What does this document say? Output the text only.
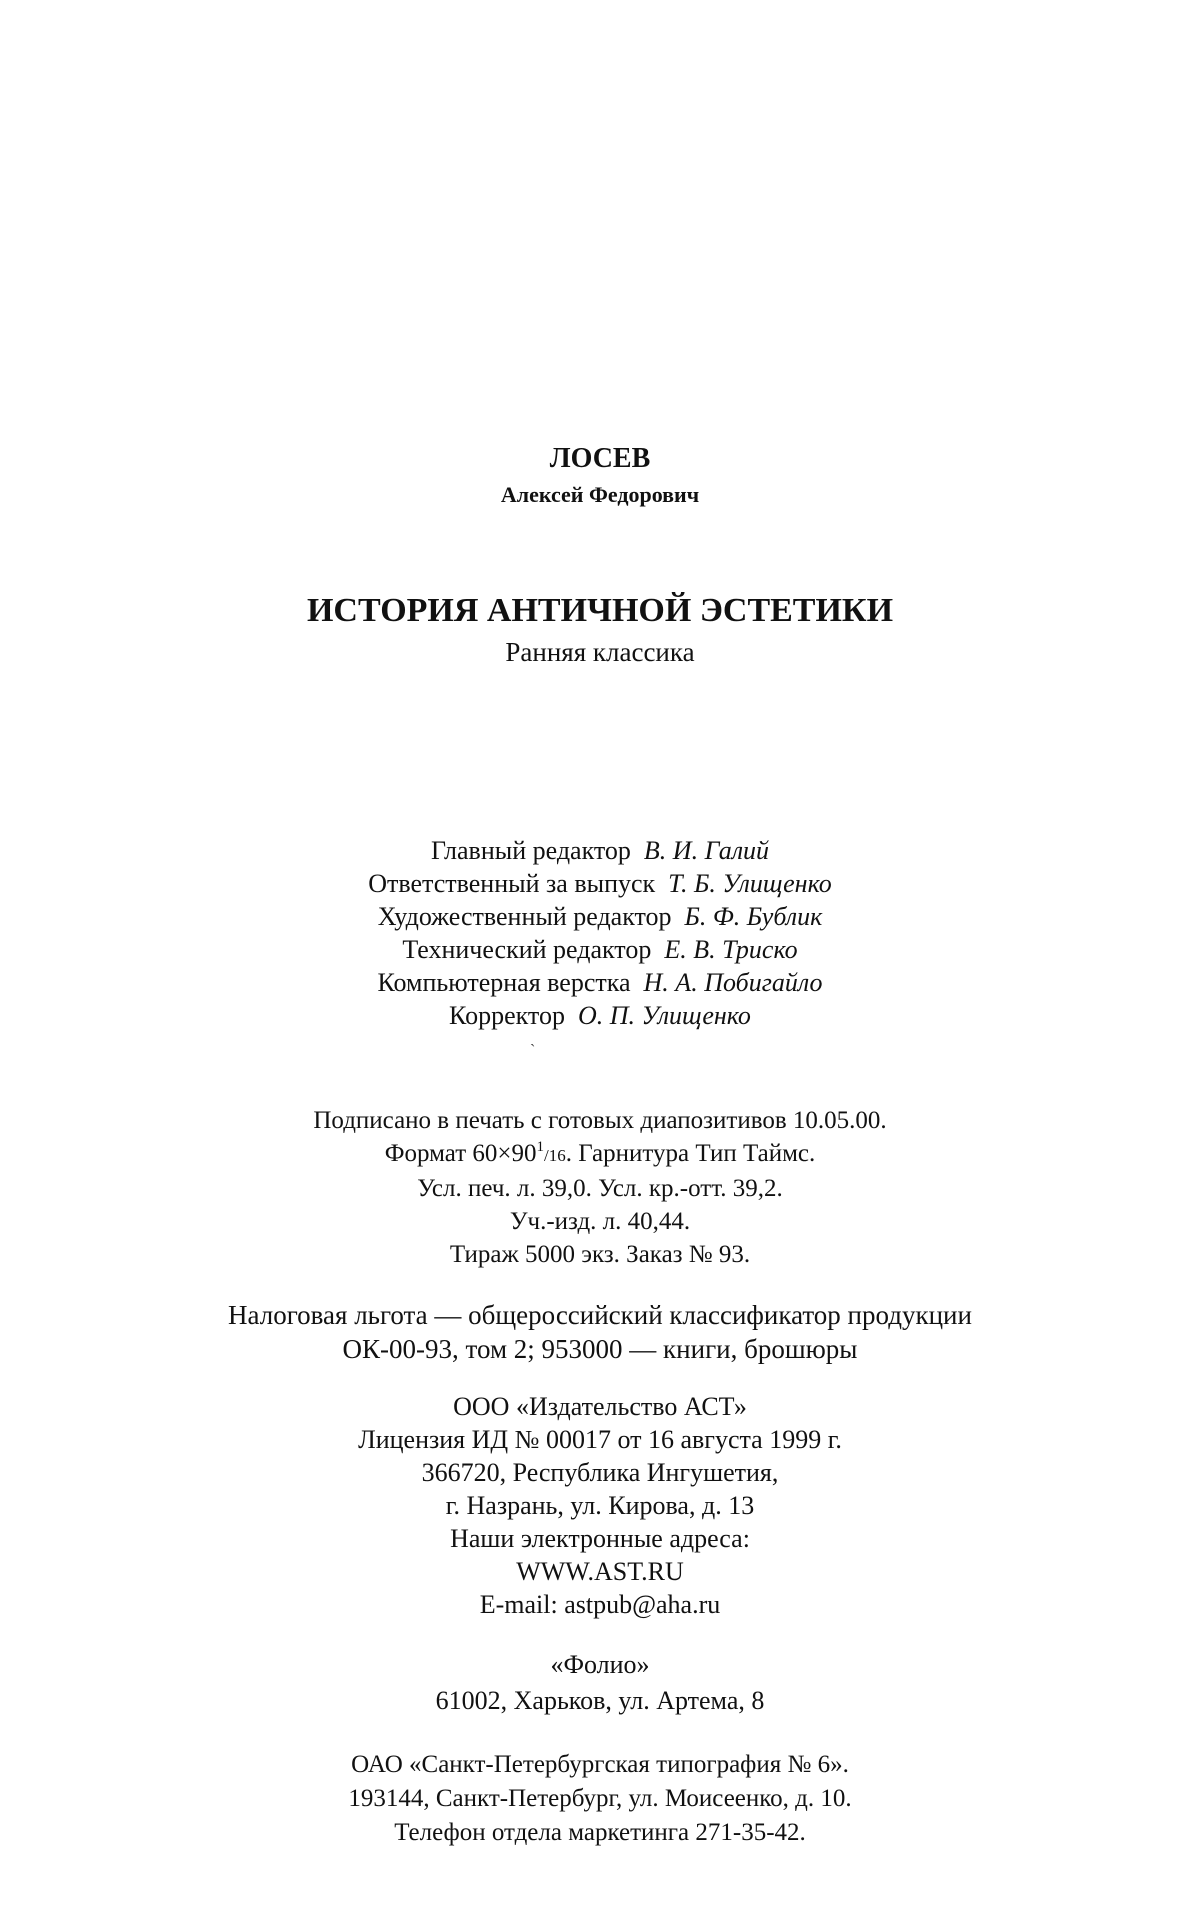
ЛОСЕВ
Алексей Федорович
ИСТОРИЯ АНТИЧНОЙ ЭСТЕТИКИ
Ранняя классика
Главный редактор В. И. Галий
Ответственный за выпуск Т. Б. Улищенко
Художественный редактор Б. Ф. Бублик
Технический редактор Е. В. Триско
Компьютерная верстка Н. А. Побигайло
Корректор О. П. Улищенко
`
Подписано в печать с готовых диапозитивов 10.05.00.
Формат $60\times 90^1/16$. Гарнитура Тип Таймс.
Усл. печ. л. 39,0. Усл. кр.-отт. 39,2.
Уч.-изд. л. 40,44.
Тираж 5000 экз. Заказ № 93.
Налоговая льгота — общероссийский классификатор продукции
ОК-00-93, том 2; 953000 — книги, брошюры
ООО «Издательство АСТ»
Лицензия ИД № 00017 от 16 августа 1999 г.
366720, Республика Ингушетия,
г. Назрань, ул. Кирова, д. 13
Наши электронные адреса:
WWW.AST.RU
E-mail: astpub@aha.ru
«Фолио»
61002, Харьков, ул. Артема, 8
ОАО «Санкт-Петербургская типография № 6».
193144, Санкт-Петербург, ул. Моисеенко, д. 10.
Телефон отдела маркетинга 271-35-42.
